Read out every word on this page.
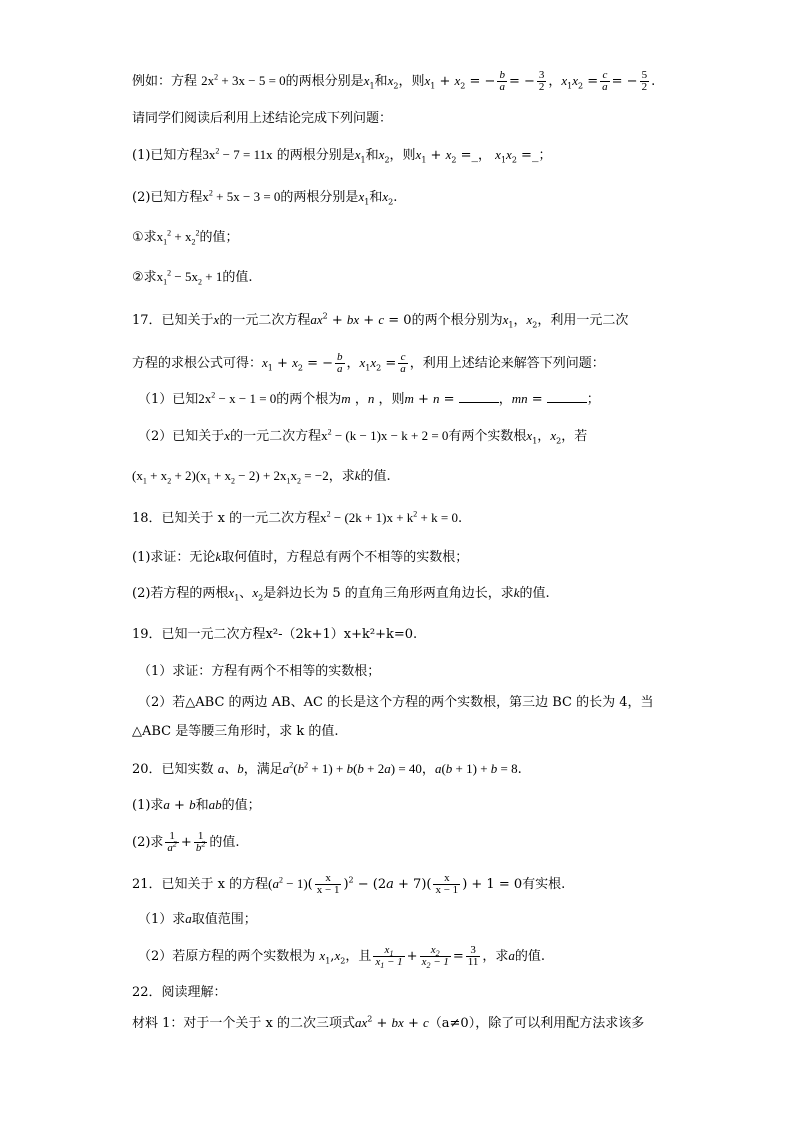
例如：方程 $2x^2 + 3x - 5 = 0$的两根分别是$x_1$和$x_2$，则$x_1 + x_2$ = − $\frac{b}{a}$ = − $\frac{3}{2}$ ，$x_1x_2 = \frac{c}{a}$ = − $\frac{5}{2}$ .
请同学们阅读后利用上述结论完成下列问题：
(1)已知方程$3x^2 - 7 = 11x$ 的两根分别是$x_1$和$x_2$，则$x_1 + x_2$ =_， $x_1x_2$ =_；
(2)已知方程$x^2 + 5x - 3 = 0$的两根分别是$x_1$和$x_2$.
①求$x_1^2 + x_2^2$的值；
②求$x_1^2 - 5x_2 + 1$的值.
17．已知关于x的一元二次方程$ax^2$ + bx + c = 0的两个根分别为$x_1$，$x_2$，利用一元二次
方程的求根公式可得：$x_1 + x_2$ = − $\frac{b}{a}$ ，$x_1x_2 = \frac{c}{a}$ ，利用上述结论来解答下列问题：
（1）已知$2x^2 - x - 1 = 0$的两个根为m ，n ，则m + n =	，mn =	；
（2）已知关于x的一元二次方程$x^2 - (k - 1)x - k + 2 = 0$有两个实数根$x_1$，$x_2$，若
$(x_1 + x_2 + 2)(x_1 + x_2 - 2) + 2x_1x_2 = -2$，求k的值.
18．已知关于 x 的一元二次方程$x^2 - (2k + 1)x + k^2 + k = 0$.
(1)求证：无论k取何值时，方程总有两个不相等的实数根；
(2)若方程的两根$x_1$、$x_2$是斜边长为 5 的直角三角形两直角边长，求k的值.
19．已知一元二次方程x²-（2k+1）x+k²+k=0.
（1）求证：方程有两个不相等的实数根；
（2）若△ABC 的两边 AB、AC 的长是这个方程的两个实数根，第三边 BC 的长为 4，当
△ABC 是等腰三角形时，求 k 的值.
20．已知实数 a、b，满足$a^2(b^2 + 1) + b(b + 2a) = 40$，a(b + 1) + b = 8.
(1)求a + b和ab的值；
(2)求 $\frac{1}{a^2} + \frac{1}{b^2}$ 的值.
21．已知关于 x 的方程$(a^2 - 1)( \frac{x}{x - 1} )^2 - (2a + 7)( \frac{x}{x - 1}$ ) + 1 = 0有实根.
（1）求a取值范围；
（2）若原方程的两个实数根为 $x_1,x_2$，且 $\frac{x_1}{x_1 - 1} + \frac{x_2}{x_2 - 1} = \frac{3}{11}$ ，求a的值.
22．阅读理解：
材料 1：对于一个关于 x 的二次三项式$ax^2$ + bx + c（a≠0），除了可以利用配方法求该多
